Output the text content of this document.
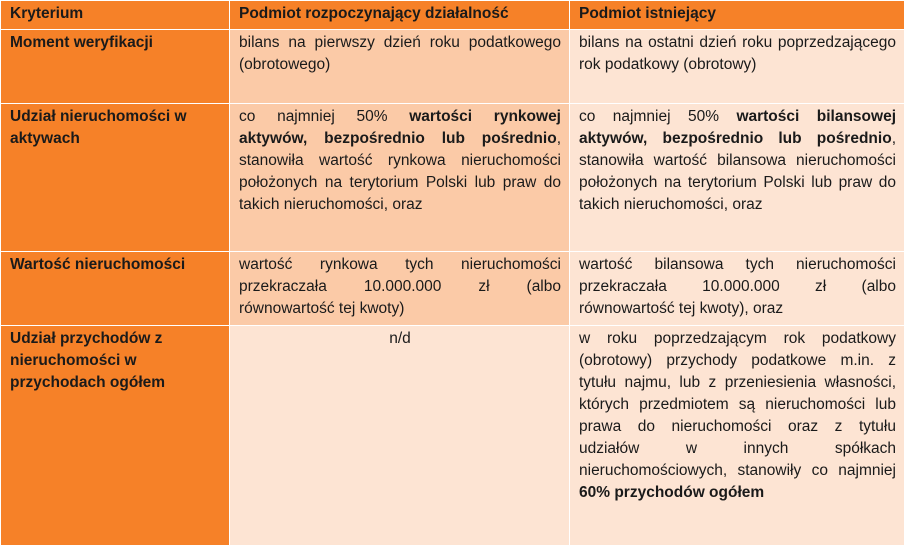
Kryterium	Podmiot rozpoczynający działalność	Podmiot istniejący
Moment weryfikacji	bilans na pierwszy dzień roku podatkowego (obrotowego)	bilans na ostatni dzień roku poprzedzającego rok podatkowy (obrotowy)
Udział nieruchomości w aktywach	co najmniej 50% wartości rynkowej aktywów, bezpośrednio lub pośrednio, stanowiła wartość rynkowa nieruchomości położonych na terytorium Polski lub praw do takich nieruchomości, oraz	co najmniej 50% wartości bilansowej aktywów, bezpośrednio lub pośrednio, stanowiła wartość bilansowa nieruchomości położonych na terytorium Polski lub praw do takich nieruchomości, oraz
Wartość nieruchomości	wartość rynkowa tych nieruchomości przekraczała 10.000.000 zł (albo równowartość tej kwoty)	wartość bilansowa tych nieruchomości przekraczała 10.000.000 zł (albo równowartość tej kwoty), oraz
Udział przychodów z nieruchomości w przychodach ogółem	n/d	w roku poprzedzającym rok podatkowy (obrotowy) przychody podatkowe m.in. z tytułu najmu, lub z przeniesienia własności, których przedmiotem są nieruchomości lub prawa do nieruchomości oraz z tytułu udziałów w innych spółkach nieruchomościowych, stanowiły co najmniej 60% przychodów ogółem
